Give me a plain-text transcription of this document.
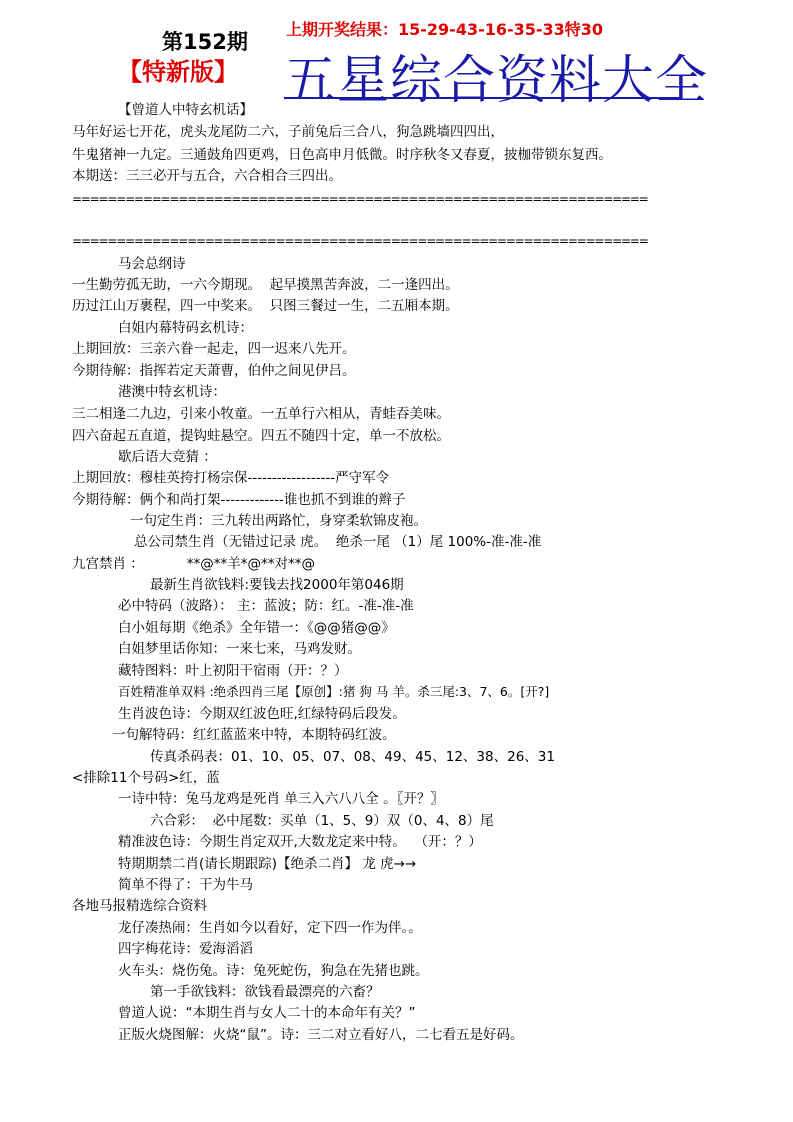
第152期
【特新版】
上期开奖结果：15-29-43-16-35-33特30
五星综合资料大全
【曾道人中特玄机话】
马年好运七开花，虎头龙尾防二六，子前兔后三合八，狗急跳墙四四出，
牛鬼猪神一九定。三通鼓角四更鸡，日色高申月低微。时序秋冬又春夏，披枷带锁东复西。
本期送：三三必开与五合，六合相合三四出。
=================================================================
=================================================================
马会总纲诗
一生勤劳孤无助，一六今期现。  起早摸黑苦奔波，二一逢四出。
历过江山万裹程，四一中奖来。  只图三餐过一生，二五厢本期。
白姐内幕特码玄机诗：
上期回放：三亲六眷一起走，四一迟来八先开。
今期待解：指挥若定天萧曹，伯仲之间见伊吕。
港澳中特玄机诗：
三二相逢二九边，引来小牧童。一五单行六相从，青蛙吞美味。
四六奋起五直道，提钩蛀悬空。四五不随四十定，单一不放松。
歇后语大竞猜 ：
上期回放：穆桂英挎打杨宗保------------------严守军令
今期待解：俩个和尚打架-------------谁也抓不到谁的辫子
一句定生肖：三九转出两路忙，身穿柔软锦皮袍。
总公司禁生肖（无错过记录 虎。  绝杀一尾 （1）尾 100%-准-准-准
九宫禁肖 ：          **@**羊*@**对**@
最新生肖欲钱料:要钱去找2000年第046期
必中特码（波路）： 主：蓝波；防：红。-准-准-准
白小姐每期《绝杀》全年错一：《@@猪@@》
白姐梦里话你知：一来七来，马鸡发财。
藏特图料：叶上初阳干宿雨（开：？）
百姓精准单双料 :绝杀四肖三尾【原创】:猪 狗 马 羊。杀三尾:3、7、6。[开?]
生肖波色诗：今期双红波色旺,红绿特码后段发。
一句解特码：红红蓝蓝来中特，本期特码红波。
传真杀码表：01、10、05、07、08、49、45、12、38、26、31
<排除11个号码>红，蓝
一诗中特：兔马龙鸡是死肖 单三入六八八全 。〖开？〗
六合彩：  必中尾数：买单（1、5、9）双（0、4、8）尾
精准波色诗：今期生肖定双开,大数龙定来中特。  （开：？）
特期期禁二肖(请长期跟踪)【绝杀二肖】 龙 虎→→
简单不得了：干为牛马
各地马报精选综合资料
龙仔凑热闹：生肖如今以看好，定下四一作为伴。。
四字梅花诗：爱海滔滔
火车头：烧伤兔。诗：兔死蛇伤，狗急在先猪也跳。
第一手欲钱料：欲钱看最漂亮的六畜？
曾道人说：“本期生肖与女人二十的本命年有关？”
正版火烧图解：火烧“鼠”。诗：三二对立看好八，二七看五是好码。
